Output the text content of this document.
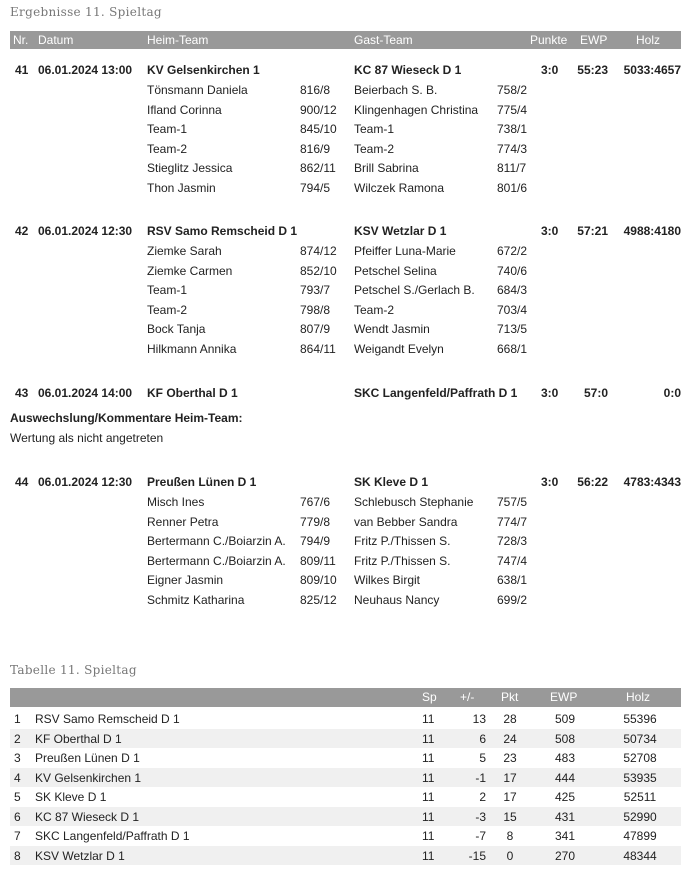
Ergebnisse 11. Spieltag
Nr. Datum	Heim-Team	Gast-Team	Punkte EWP Holz
41 06.01.2024 13:00 KV Gelsenkirchen 1	KC 87 Wieseck D 1	3:0	55:23	5033:4657
Tönsmann Daniela	816/8 Beierbach S. B.	758/2
Ifland Corinna	900/12 Klingenhagen Christina 775/4
Team-1	845/10 Team-1	738/1
Team-2	816/9 Team-2	774/3
Stieglitz Jessica	862/11 Brill Sabrina	811/7
Thon Jasmin	794/5 Wilczek Ramona	801/6
42 06.01.2024 12:30 RSV Samo Remscheid D 1	KSV Wetzlar D 1	3:0	57:21	4988:4180
Ziemke Sarah	874/12 Pfeiffer Luna-Marie	672/2
Ziemke Carmen	852/10 Petschel Selina	740/6
Team-1	793/7 Petschel S./Gerlach B. 684/3
Team-2	798/8 Team-2	703/4
Bock Tanja	807/9 Wendt Jasmin	713/5
Hilkmann Annika	864/11 Weigandt Evelyn	668/1
43 06.01.2024 14:00 KF Oberthal D 1	SKC Langenfeld/Paffrath D 1 3:0	57:0	0:0
Auswechslung/Kommentare Heim-Team:
Wertung als nicht angetreten
44 06.01.2024 12:30 Preußen Lünen D 1	SK Kleve D 1	3:0	56:22	4783:4343
Misch Ines	767/6 Schlebusch Stephanie 757/5
Renner Petra	779/8 van Bebber Sandra	774/7
Bertermann C./Boiarzin A. 794/9 Fritz P./Thissen S.	728/3
Bertermann C./Boiarzin A. 809/11 Fritz P./Thissen S.	747/4
Eigner Jasmin	809/10 Wilkes Birgit	638/1
Schmitz Katharina	825/12 Neuhaus Nancy	699/2
Tabelle 11. Spieltag
Sp +/- Pkt	EWP	Holz
1 RSV Samo Remscheid D 1	11	13	28	509	55396
2 KF Oberthal D 1	11	6	24	508	50734
3 Preußen Lünen D 1	11	5	23	483	52708
4 KV Gelsenkirchen 1	11	-1	17	444	53935
5 SK Kleve D 1	11	2	17	425	52511
6 KC 87 Wieseck D 1	11	-3	15	431	52990
7 SKC Langenfeld/Paffrath D 1	11	-7	8	341	47899
8 KSV Wetzlar D 1	11	-15	0	270	48344
